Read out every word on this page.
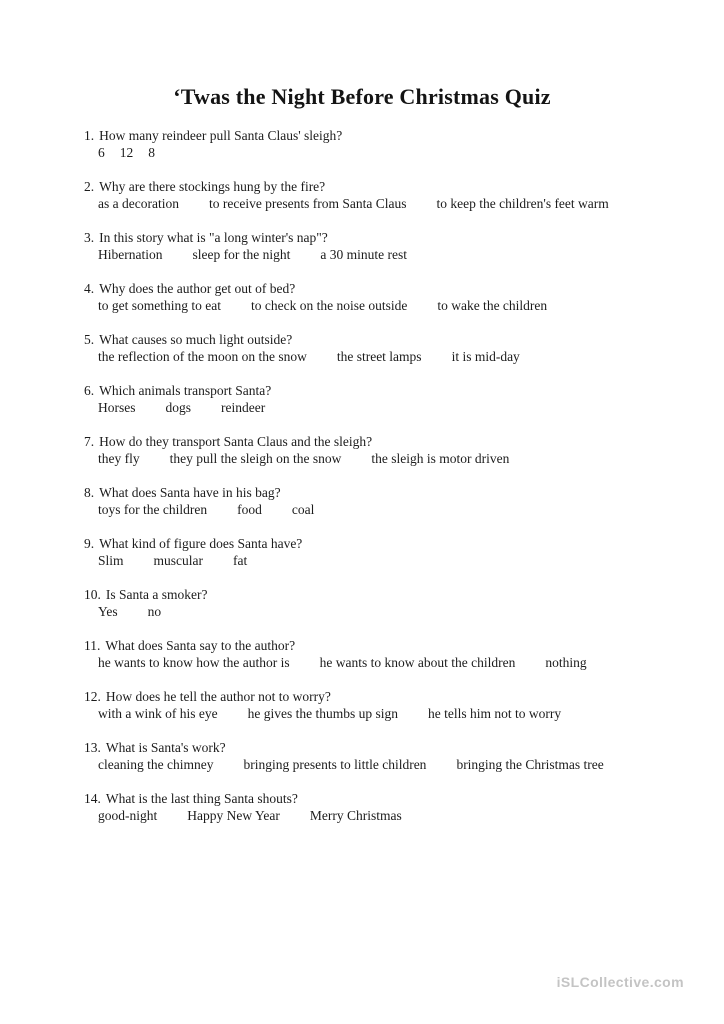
‘Twas the Night Before Christmas Quiz
1. How many reindeer pull Santa Claus' sleigh?
6 12 8
2. Why are there stockings hung by the fire?
as a decoration to receive presents from Santa Claus to keep the children's feet warm
3. In this story what is "a long winter's nap"?
Hibernation sleep for the night a 30 minute rest
4. Why does the author get out of bed?
to get something to eat to check on the noise outside to wake the children
5. What causes so much light outside?
the reflection of the moon on the snow the street lamps it is mid-day
6. Which animals transport Santa?
Horses dogs reindeer
7. How do they transport Santa Claus and the sleigh?
they fly they pull the sleigh on the snow the sleigh is motor driven
8. What does Santa have in his bag?
toys for the children food coal
9. What kind of figure does Santa have?
Slim muscular fat
10. Is Santa a smoker?
Yes no
11. What does Santa say to the author?
he wants to know how the author is he wants to know about the children nothing
12. How does he tell the author not to worry?
with a wink of his eye he gives the thumbs up sign he tells him not to worry
13. What is Santa's work?
cleaning the chimney bringing presents to little children bringing the Christmas tree
14. What is the last thing Santa shouts?
good-night Happy New Year Merry Christmas
iSLCollective.com
